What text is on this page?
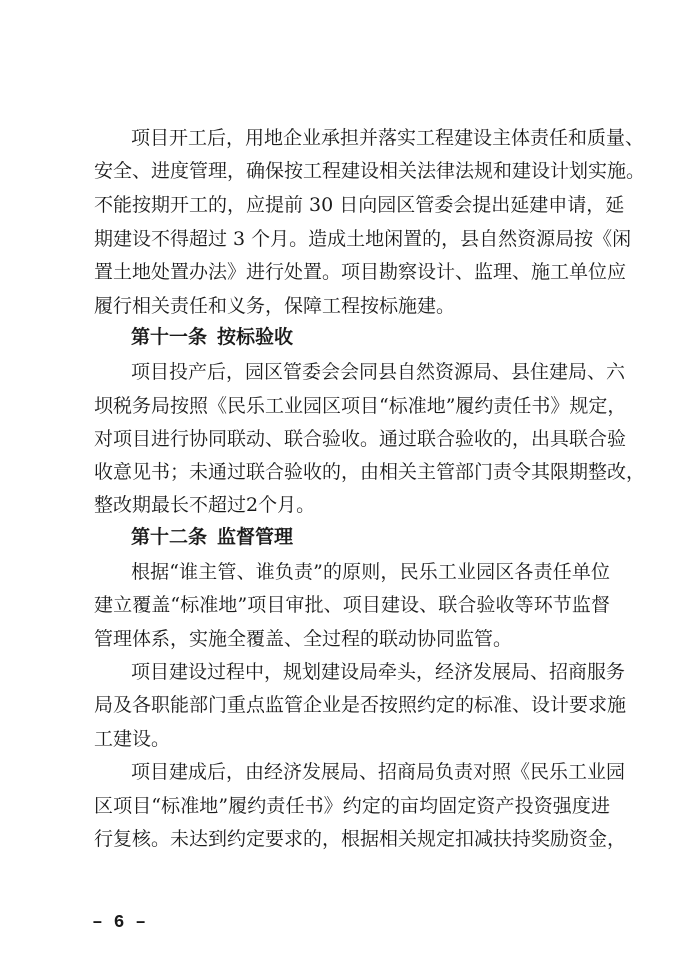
项目开工后，用地企业承担并落实工程建设主体责任和质量、
安全、进度管理，确保按工程建设相关法律法规和建设计划实施。
不能按期开工的，应提前 30 日向园区管委会提出延建申请，延
期建设不得超过 3 个月。造成土地闲置的，县自然资源局按《闲
置土地处置办法》进行处置。项目勘察设计、监理、施工单位应
履行相关责任和义务，保障工程按标施建。
第十一条 按标验收
项目投产后，园区管委会会同县自然资源局、县住建局、六
坝税务局按照《民乐工业园区项目“标准地”履约责任书》规定，
对项目进行协同联动、联合验收。通过联合验收的，出具联合验
收意见书；未通过联合验收的，由相关主管部门责令其限期整改，
整改期最长不超过2个月。
第十二条 监督管理
根据“谁主管、谁负责”的原则，民乐工业园区各责任单位
建立覆盖“标准地”项目审批、项目建设、联合验收等环节监督
管理体系，实施全覆盖、全过程的联动协同监管。
项目建设过程中，规划建设局牵头，经济发展局、招商服务
局及各职能部门重点监管企业是否按照约定的标准、设计要求施
工建设。
项目建成后，由经济发展局、招商局负责对照《民乐工业园
区项目“标准地”履约责任书》约定的亩均固定资产投资强度进
行复核。未达到约定要求的，根据相关规定扣减扶持奖励资金，
– 6 –
